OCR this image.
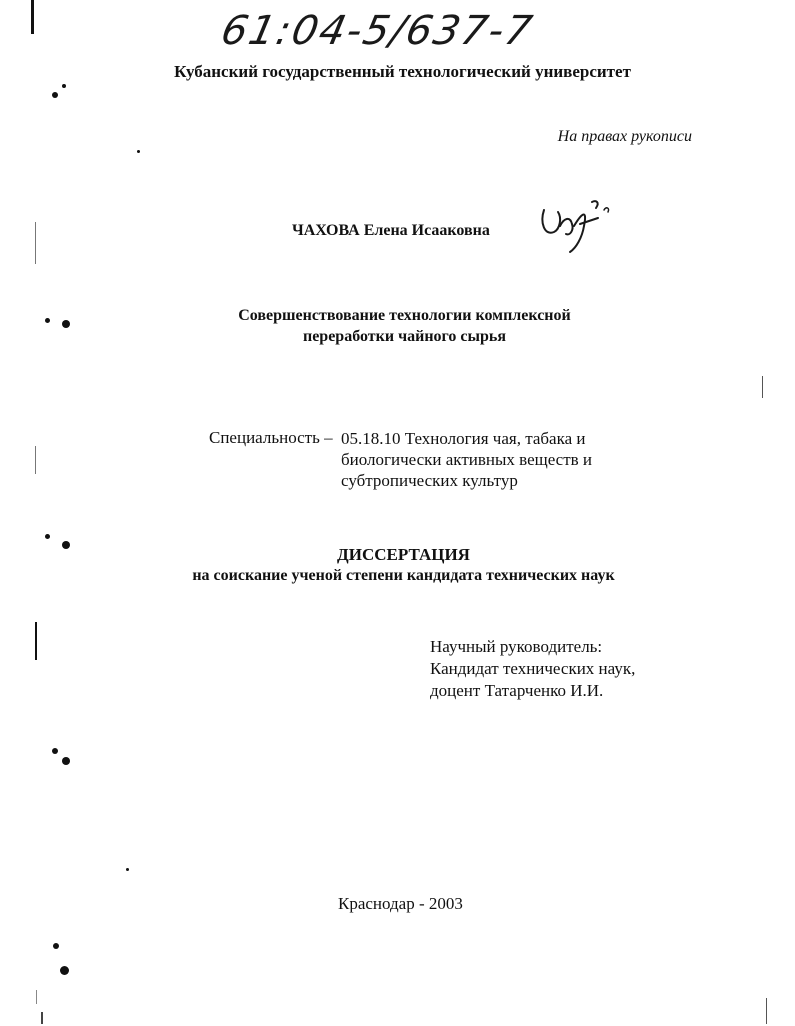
61:04-5/637-7
Кубанский государственный технологический университет
На правах рукописи
ЧАХОВА Елена Исааковна
Совершенствование технологии комплексной
переработки чайного сырья
Специальность – 05.18.10 Технология чая, табака и
биологически активных веществ и
субтропических культур
ДИССЕРТАЦИЯ
на соискание ученой степени кандидата технических наук
Научный руководитель:
Кандидат технических наук,
доцент Татарченко И.И.
Краснодар - 2003
